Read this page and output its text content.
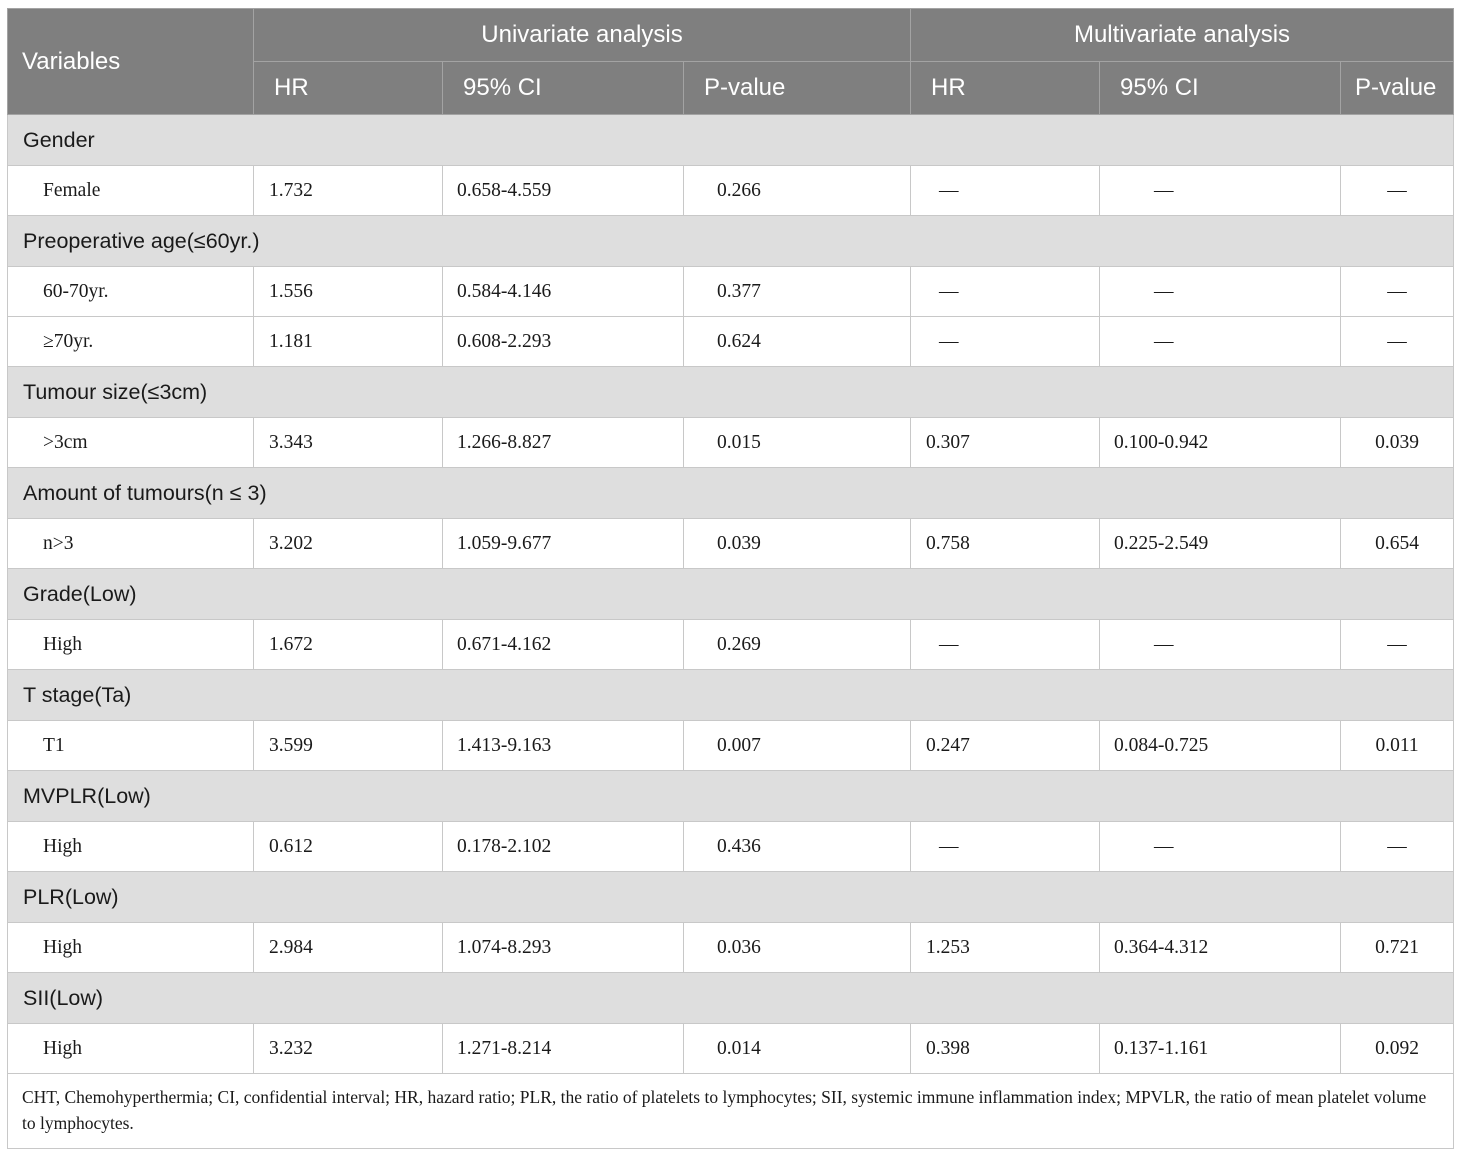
Variables	Univariate analysis			Multivariate analysis		
	HR	95% CI	P-value	HR	95% CI	P-value
Gender						
Female	1.732	0.658-4.559	0.266	—	—	—
Preoperative age(≤60yr.)						
60-70yr.	1.556	0.584-4.146	0.377	—	—	—
≥70yr.	1.181	0.608-2.293	0.624	—	—	—
Tumour size(≤3cm)						
>3cm	3.343	1.266-8.827	0.015	0.307	0.100-0.942	0.039
Amount of tumours(n ≤ 3)						
n>3	3.202	1.059-9.677	0.039	0.758	0.225-2.549	0.654
Grade(Low)						
High	1.672	0.671-4.162	0.269	—	—	—
T stage(Ta)						
T1	3.599	1.413-9.163	0.007	0.247	0.084-0.725	0.011
MVPLR(Low)						
High	0.612	0.178-2.102	0.436	—	—	—
PLR(Low)						
High	2.984	1.074-8.293	0.036	1.253	0.364-4.312	0.721
SII(Low)						
High	3.232	1.271-8.214	0.014	0.398	0.137-1.161	0.092
CHT, Chemohyperthermia; CI, confidential interval; HR, hazard ratio; PLR, the ratio of platelets to lymphocytes; SII, systemic immune inflammation index; MPVLR, the ratio of mean platelet volume to lymphocytes.						
